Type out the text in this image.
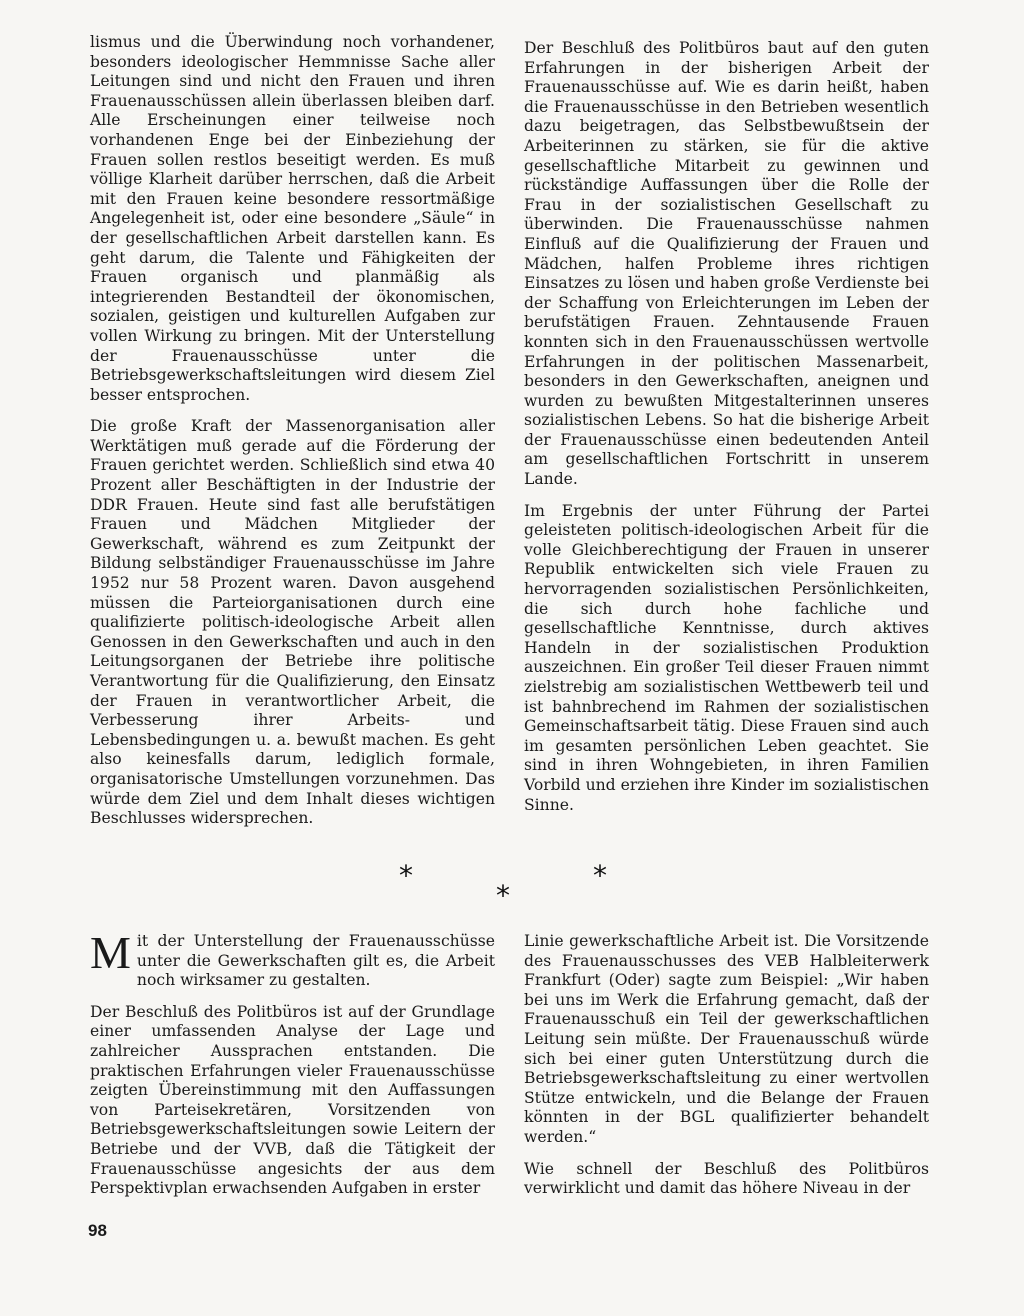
lismus und die Überwindung noch vorhandener, besonders ideologischer Hemmnisse Sache aller Leitungen sind und nicht den Frauen und ihren Frauenausschüssen allein überlassen bleiben darf. Alle Erscheinungen einer teilweise noch vorhandenen Enge bei der Einbeziehung der Frauen sollen restlos beseitigt werden. Es muß völlige Klarheit darüber herrschen, daß die Arbeit mit den Frauen keine besondere ressortmäßige Angelegenheit ist, oder eine besondere „Säule“ in der gesellschaftlichen Arbeit darstellen kann. Es geht darum, die Talente und Fähigkeiten der Frauen organisch und planmäßig als integrierenden Bestandteil der ökonomischen, sozialen, geistigen und kulturellen Aufgaben zur vollen Wirkung zu bringen. Mit der Unterstellung der Frauenausschüsse unter die Betriebsgewerkschaftsleitungen wird diesem Ziel besser entsprochen.

Die große Kraft der Massenorganisation aller Werktätigen muß gerade auf die Förderung der Frauen gerichtet werden. Schließlich sind etwa 40 Prozent aller Beschäftigten in der Industrie der DDR Frauen. Heute sind fast alle berufstätigen Frauen und Mädchen Mitglieder der Gewerkschaft, während es zum Zeitpunkt der Bildung selbständiger Frauenausschüsse im Jahre 1952 nur 58 Prozent waren. Davon ausgehend müssen die Parteiorganisationen durch eine qualifizierte politisch-ideologische Arbeit allen Genossen in den Gewerkschaften und auch in den Leitungsorganen der Betriebe ihre politische Verantwortung für die Qualifizierung, den Einsatz der Frauen in verantwortlicher Arbeit, die Verbesserung ihrer Arbeits- und Lebensbedingungen u. a. bewußt machen. Es geht also keinesfalls darum, lediglich formale, organisatorische Umstellungen vorzunehmen. Das würde dem Ziel und dem Inhalt dieses wichtigen Beschlusses widersprechen.

Der Beschluß des Politbüros baut auf den guten Erfahrungen in der bisherigen Arbeit der Frauenausschüsse auf. Wie es darin heißt, haben die Frauenausschüsse in den Betrieben wesentlich dazu beigetragen, das Selbstbewußtsein der Arbeiterinnen zu stärken, sie für die aktive gesellschaftliche Mitarbeit zu gewinnen und rückständige Auffassungen über die Rolle der Frau in der sozialistischen Gesellschaft zu überwinden. Die Frauenausschüsse nahmen Einfluß auf die Qualifizierung der Frauen und Mädchen, halfen Probleme ihres richtigen Einsatzes zu lösen und haben große Verdienste bei der Schaffung von Erleichterungen im Leben der berufstätigen Frauen. Zehntausende Frauen konnten sich in den Frauenausschüssen wertvolle Erfahrungen in der politischen Massenarbeit, besonders in den Gewerkschaften, aneignen und wurden zu bewußten Mitgestalterinnen unseres sozialistischen Lebens. So hat die bisherige Arbeit der Frauenausschüsse einen bedeutenden Anteil am gesellschaftlichen Fortschritt in unserem Lande.

Im Ergebnis der unter Führung der Partei geleisteten politisch-ideologischen Arbeit für die volle Gleichberechtigung der Frauen in unserer Republik entwickelten sich viele Frauen zu hervorragenden sozialistischen Persönlichkeiten, die sich durch hohe fachliche und gesellschaftliche Kenntnisse, durch aktives Handeln in der sozialistischen Produktion auszeichnen. Ein großer Teil dieser Frauen nimmt zielstrebig am sozialistischen Wettbewerb teil und ist bahnbrechend im Rahmen der sozialistischen Gemeinschaftsarbeit tätig. Diese Frauen sind auch im gesamten persönlichen Leben geachtet. Sie sind in ihren Wohngebieten, in ihren Familien Vorbild und erziehen ihre Kinder im sozialistischen Sinne.

*	*
*

Mit der Unterstellung der Frauenausschüsse unter die Gewerkschaften gilt es, die Arbeit noch wirksamer zu gestalten.

Der Beschluß des Politbüros ist auf der Grundlage einer umfassenden Analyse der Lage und zahlreicher Aussprachen entstanden. Die praktischen Erfahrungen vieler Frauenausschüsse zeigten Übereinstimmung mit den Auffassungen von Parteisekretären, Vorsitzenden von Betriebsgewerkschaftsleitungen sowie Leitern der Betriebe und der VVB, daß die Tätigkeit der Frauenausschüsse angesichts der aus dem Perspektivplan erwachsenden Aufgaben in erster

Linie gewerkschaftliche Arbeit ist. Die Vorsitzende des Frauenausschusses des VEB Halbleiterwerk Frankfurt (Oder) sagte zum Beispiel: „Wir haben bei uns im Werk die Erfahrung gemacht, daß der Frauenausschuß ein Teil der gewerkschaftlichen Leitung sein müßte. Der Frauenausschuß würde sich bei einer guten Unterstützung durch die Betriebsgewerkschaftsleitung zu einer wertvollen Stütze entwickeln, und die Belange der Frauen könnten in der BGL qualifizierter behandelt werden.“

Wie schnell der Beschluß des Politbüros verwirklicht und damit das höhere Niveau in der

98
